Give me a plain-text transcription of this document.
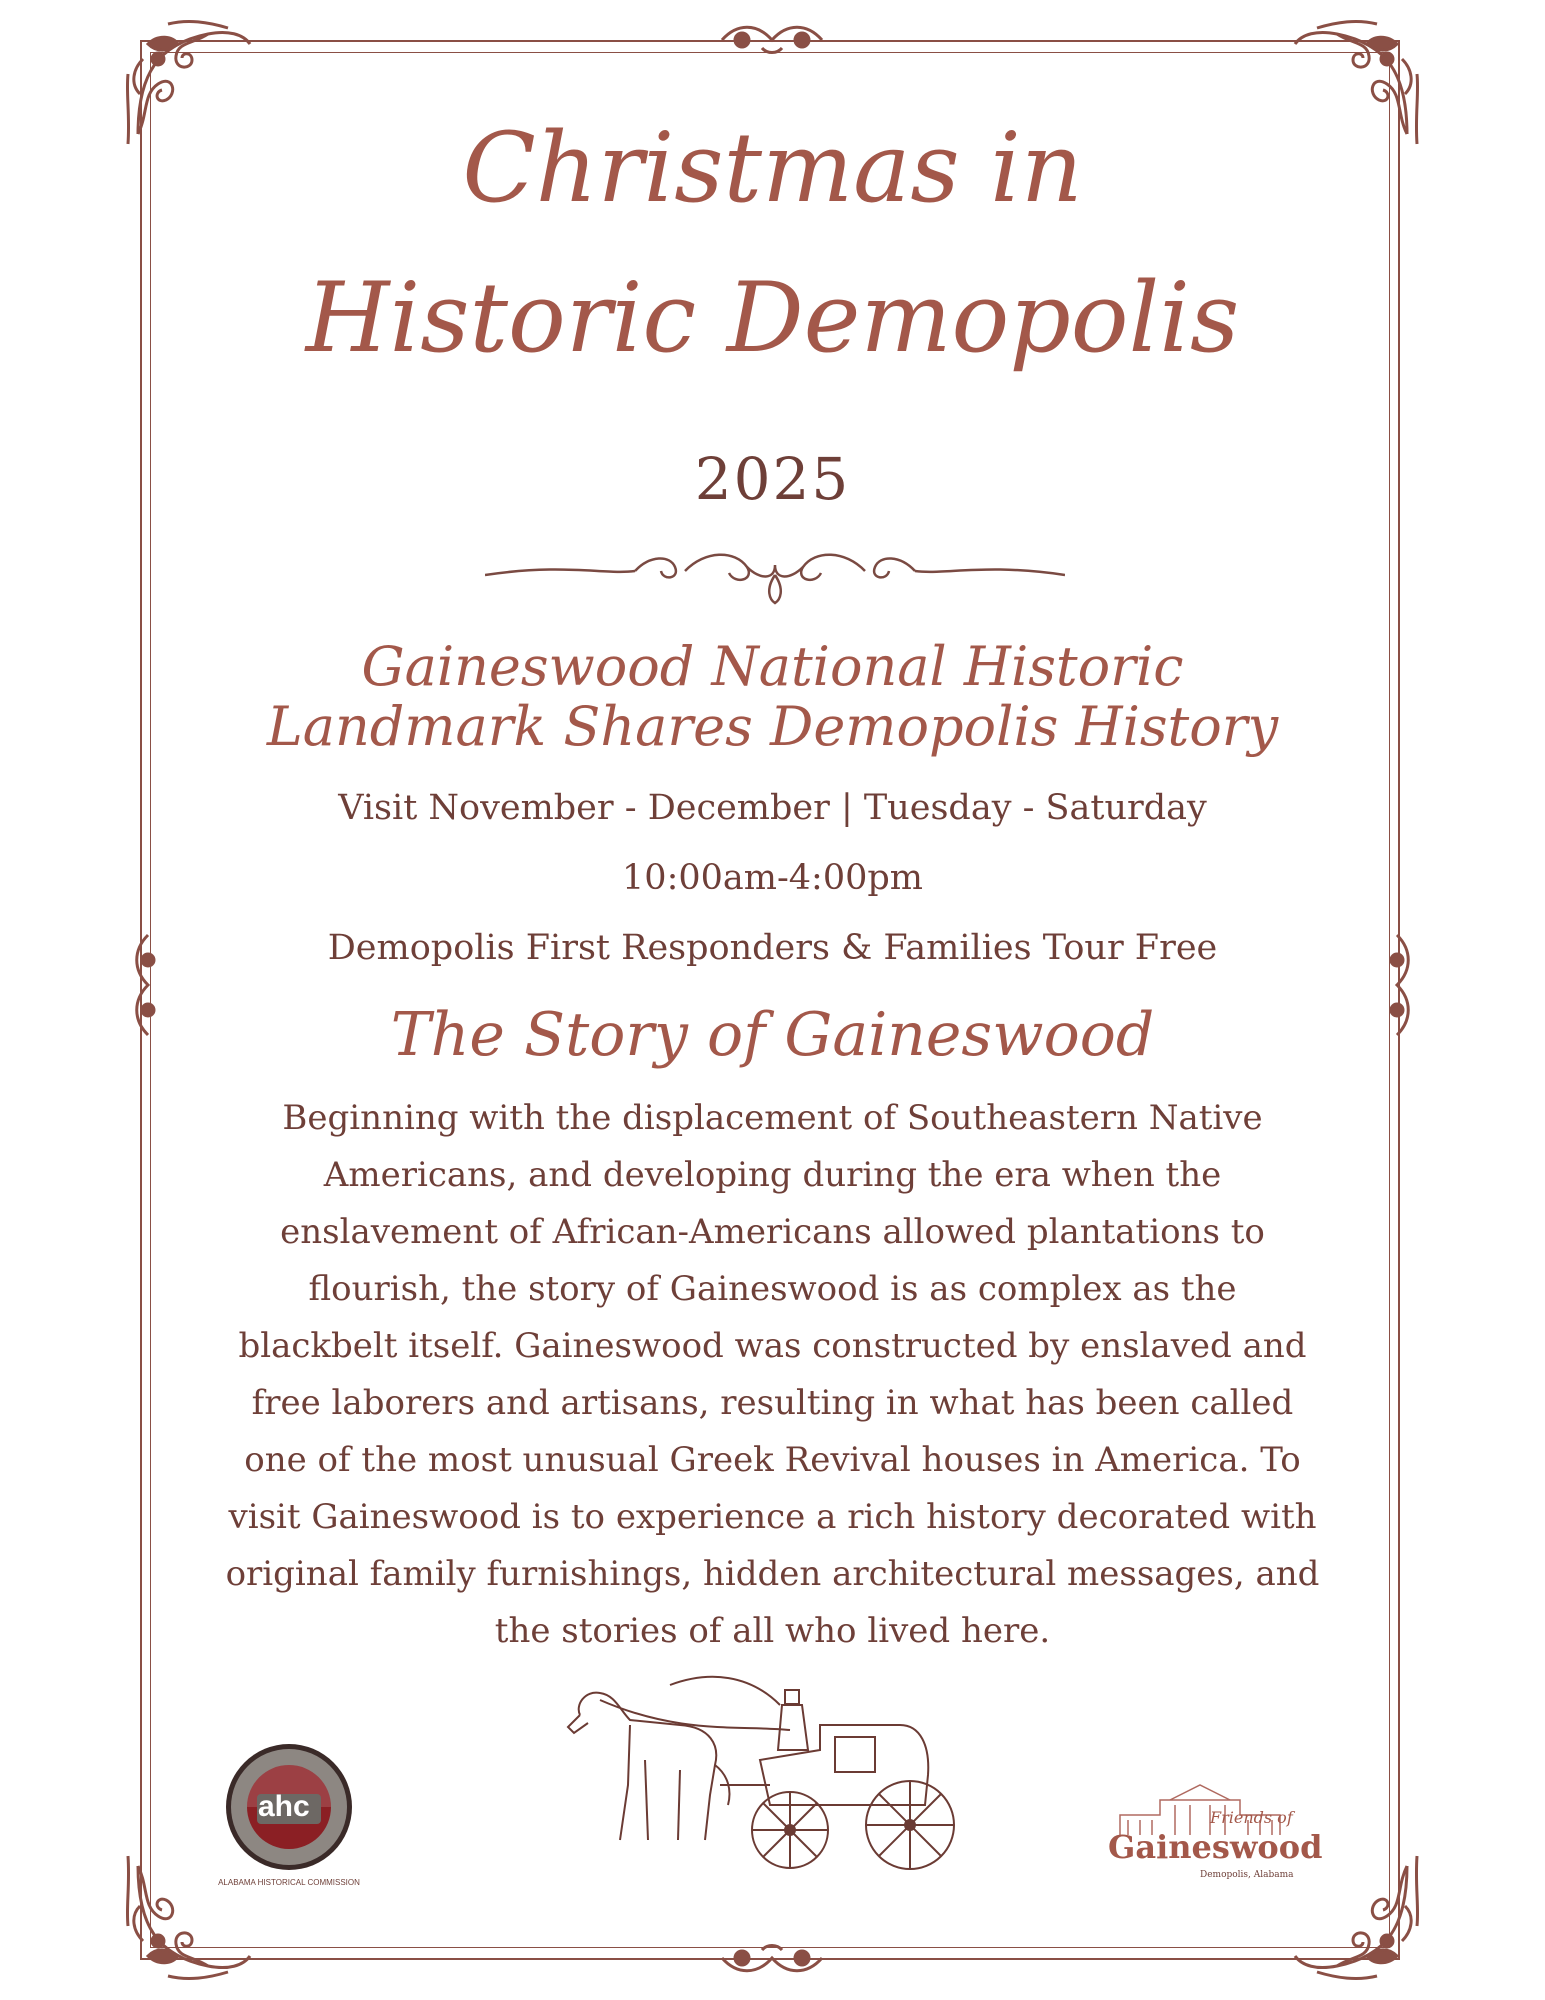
Christmas in
Historic Demopolis
2025
Gaineswood National Historic
Landmark Shares Demopolis History
Visit November - December | Tuesday - Saturday
10:00am-4:00pm
Demopolis First Responders & Families Tour Free
The Story of Gaineswood
Beginning with the displacement of Southeastern Native
Americans, and developing during the era when the
enslavement of African-Americans allowed plantations to
flourish, the story of Gaineswood is as complex as the
blackbelt itself. Gaineswood was constructed by enslaved and
free laborers and artisans, resulting in what has been called
one of the most unusual Greek Revival houses in America. To
visit Gaineswood is to experience a rich history decorated with
original family furnishings, hidden architectural messages, and
the stories of all who lived here.
ahc
ALABAMA HISTORICAL COMMISSION
Friends of
Gaineswood
Demopolis, Alabama
